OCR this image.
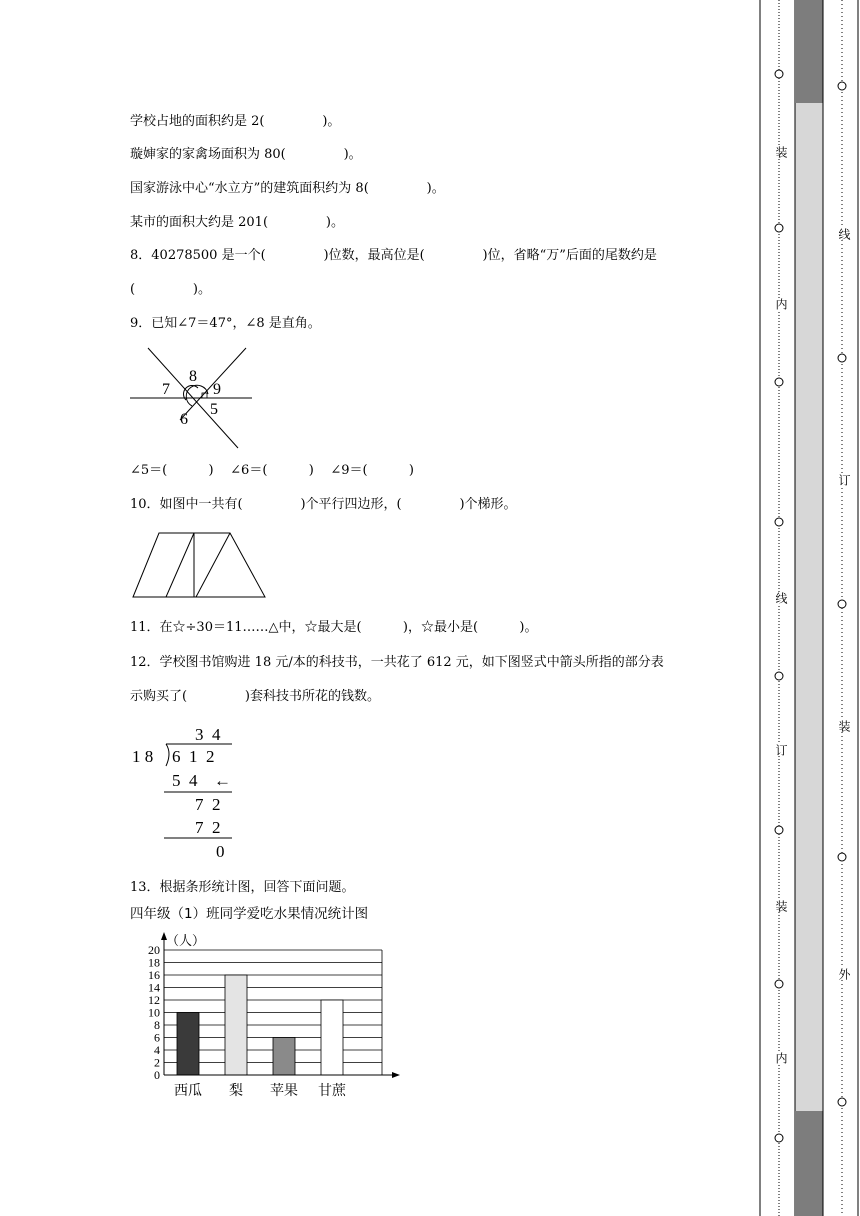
学校占地的面积约是 2(              )。
璇婶家的家禽场面积为 80(              )。
国家游泳中心“水立方”的建筑面积约为 8(              )。
某市的面积大约是 201(              )。
8．40278500 是一个(              )位数，最高位是(              )位，省略“万”后面的尾数约是
(              )。
9．已知∠7＝47°，∠8 是直角。
7
8
9
5
6
∠5＝(          )    ∠6＝(          )    ∠9＝(          )
10．如图中一共有(              )个平行四边形，(              )个梯形。
11．在☆÷30＝11……△中，☆最大是(          )，☆最小是(          )。
12．学校图书馆购进 18 元/本的科技书，一共花了 612 元，如下图竖式中箭头所指的部分表
示购买了(              )套科技书所花的钱数。
3  4
1 8 6  1  2
5  4 ←
7  2
7  2
0
13．根据条形统计图，回答下面问题。
四年级（1）班同学爱吃水果情况统计图
0
2
4
6
8
10
12
14
16
18
20
西瓜 梨 苹果 甘蔗
（人）
装
内
线
订
装
内
线
订
装
外
